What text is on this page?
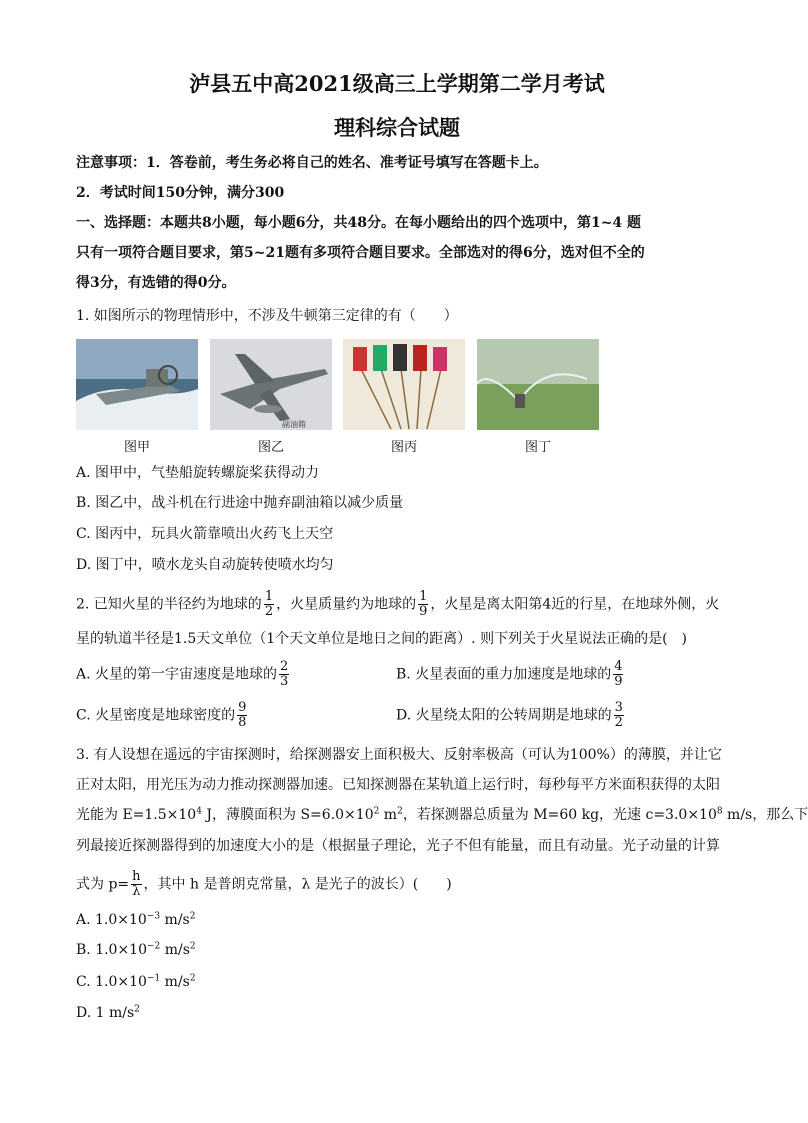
泸县五中高2021级高三上学期第二学月考试
理科综合试题
注意事项：1．答卷前，考生务必将自己的姓名、准考证号填写在答题卡上。
2．考试时间150分钟，满分300
一、选择题：本题共8小题，每小题6分，共48分。在每小题给出的四个选项中，第1~4 题
只有一项符合题目要求，第5~21题有多项符合题目要求。全部选对的得6分，选对但不全的
得3分，有选错的得0分。
1. 如图所示的物理情形中，不涉及牛顿第三定律的有（　　）
副油箱
图甲	图乙	图丙	图丁
A. 图甲中，气垫船旋转螺旋桨获得动力
B. 图乙中，战斗机在行进途中抛弃副油箱以减少质量
C. 图丙中，玩具火箭靠喷出火药飞上天空
D. 图丁中，喷水龙头自动旋转使喷水均匀
2. 已知火星的半径约为地球的 $\frac{1}{2}$ ，火星质量约为地球的 $\frac{1}{9}$ ，火星是离太阳第4近的行星，在地球外侧，火
星的轨道半径是1.5天文单位（1个天文单位是地日之间的距离）. 则下列关于火星说法正确的是(　)
A. 火星的第一宇宙速度是地球的 $\frac{2}{3}$	B. 火星表面的重力加速度是地球的 $\frac{4}{9}$
C. 火星密度是地球密度的 $\frac{9}{8}$	D. 火星绕太阳的公转周期是地球的 $\frac{3}{2}$
3. 有人设想在遥远的宇宙探测时，给探测器安上面积极大、反射率极高（可认为100%）的薄膜，并让它
正对太阳，用光压为动力推动探测器加速。已知探测器在某轨道上运行时，每秒每平方米面积获得的太阳
光能为 $E=1.5\times 10^4$ J，薄膜面积为 $S=6.0\times 10^2$ $m^2$，若探测器总质量为 M=60 kg，光速 $c=3.0\times 10^8$ m/s，那么下
列最接近探测器得到的加速度大小的是（根据量子理论，光子不但有能量，而且有动量。光子动量的计算
式为 $p= \frac{h}{\lambda}$ ，其中 h 是普朗克常量，λ 是光子的波长）(　　)
A. $1.0\times 10^{-3}$ $m/s^2$
B. $1.0\times 10^{-2}$ $m/s^2$
C. $1.0\times 10^{-1}$ $m/s^2$
D. 1 $m/s^2$
